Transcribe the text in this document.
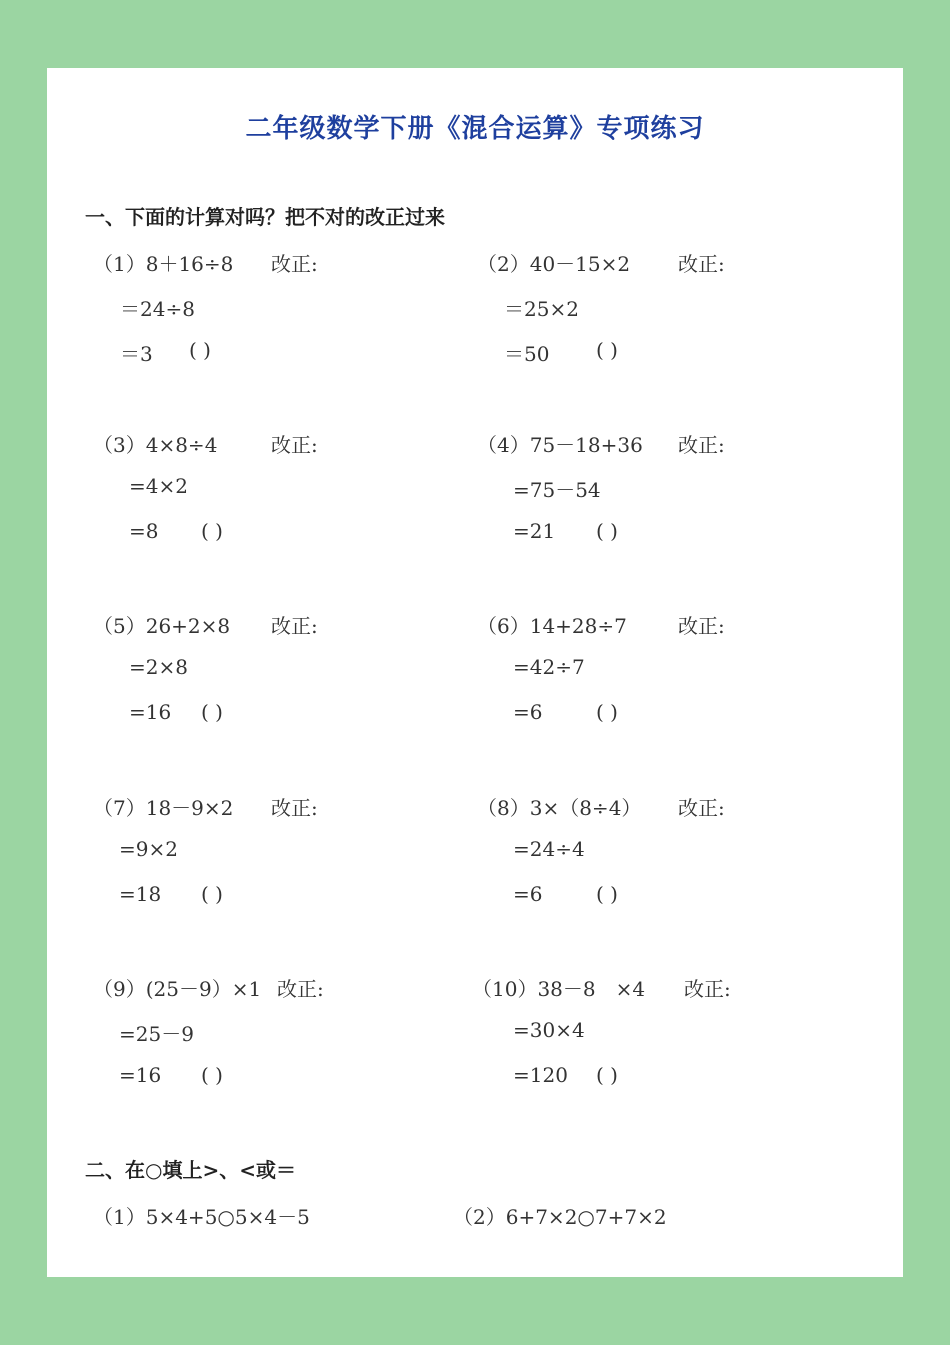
二年级数学下册《混合运算》专项练习
一、下面的计算对吗？把不对的改正过来
（1）8＋16÷8 改正:
＝24÷8
＝3 ( )
（2）40－15×2 改正:
＝25×2
＝50 ( )
（3）4×8÷4	改正:
=4×2
=8 ( )
（4）75－18+36 改正:
=75－54
=21 ( )
（5）26+2×8 改正:
=2×8
=16 ( )
（6）14+28÷7	改正:
=42÷7
=6	( )
（7）18－9×2 改正:
=9×2
=18 ( )
（8）3×（8÷4） 改正:
=24÷4
=6	( )
（9）(25－9）×1 改正:
=25－9
=16 ( )
（10）38－8　×4 改正:
=30×4
=120 ( )
二、在○填上>、<或＝
（1）5×4+5○5×4－5	（2）6+7×2○7+7×2
